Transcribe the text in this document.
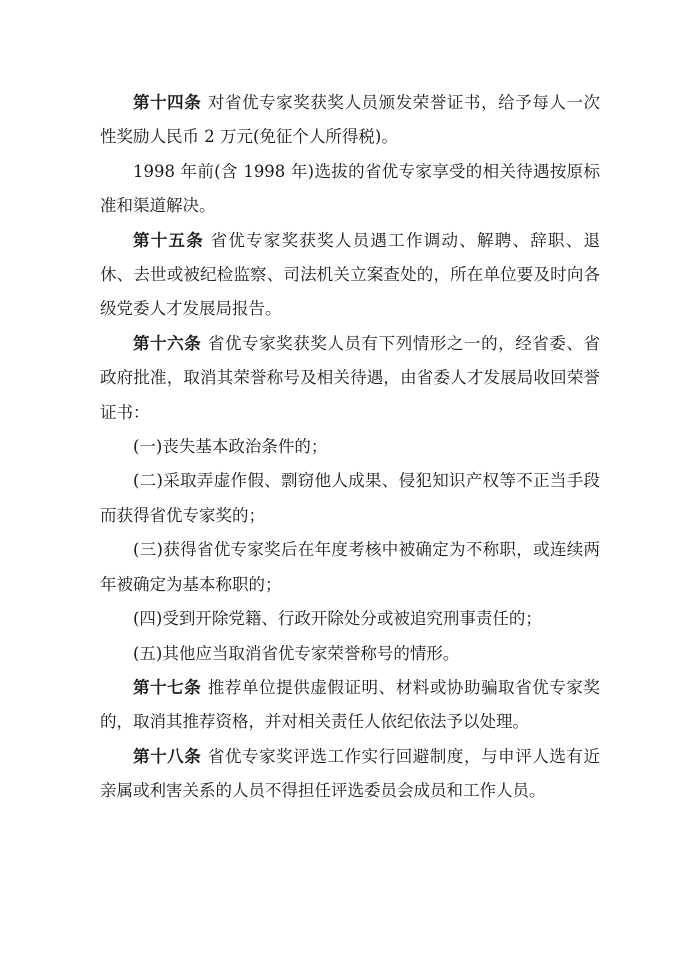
第十四条 对省优专家奖获奖人员颁发荣誉证书，给予每人一次性奖励人民币 2 万元(免征个人所得税)。

1998 年前(含 1998 年)选拔的省优专家享受的相关待遇按原标准和渠道解决。

第十五条 省优专家奖获奖人员遇工作调动、解聘、辞职、退休、去世或被纪检监察、司法机关立案查处的，所在单位要及时向各级党委人才发展局报告。

第十六条 省优专家奖获奖人员有下列情形之一的，经省委、省政府批准，取消其荣誉称号及相关待遇，由省委人才发展局收回荣誉证书：

(一)丧失基本政治条件的；

(二)采取弄虚作假、剽窃他人成果、侵犯知识产权等不正当手段而获得省优专家奖的；

(三)获得省优专家奖后在年度考核中被确定为不称职，或连续两年被确定为基本称职的；

(四)受到开除党籍、行政开除处分或被追究刑事责任的；

(五)其他应当取消省优专家荣誉称号的情形。

第十七条 推荐单位提供虚假证明、材料或协助骗取省优专家奖的，取消其推荐资格，并对相关责任人依纪依法予以处理。

第十八条 省优专家奖评选工作实行回避制度，与申评人选有近亲属或利害关系的人员不得担任评选委员会成员和工作人员。
